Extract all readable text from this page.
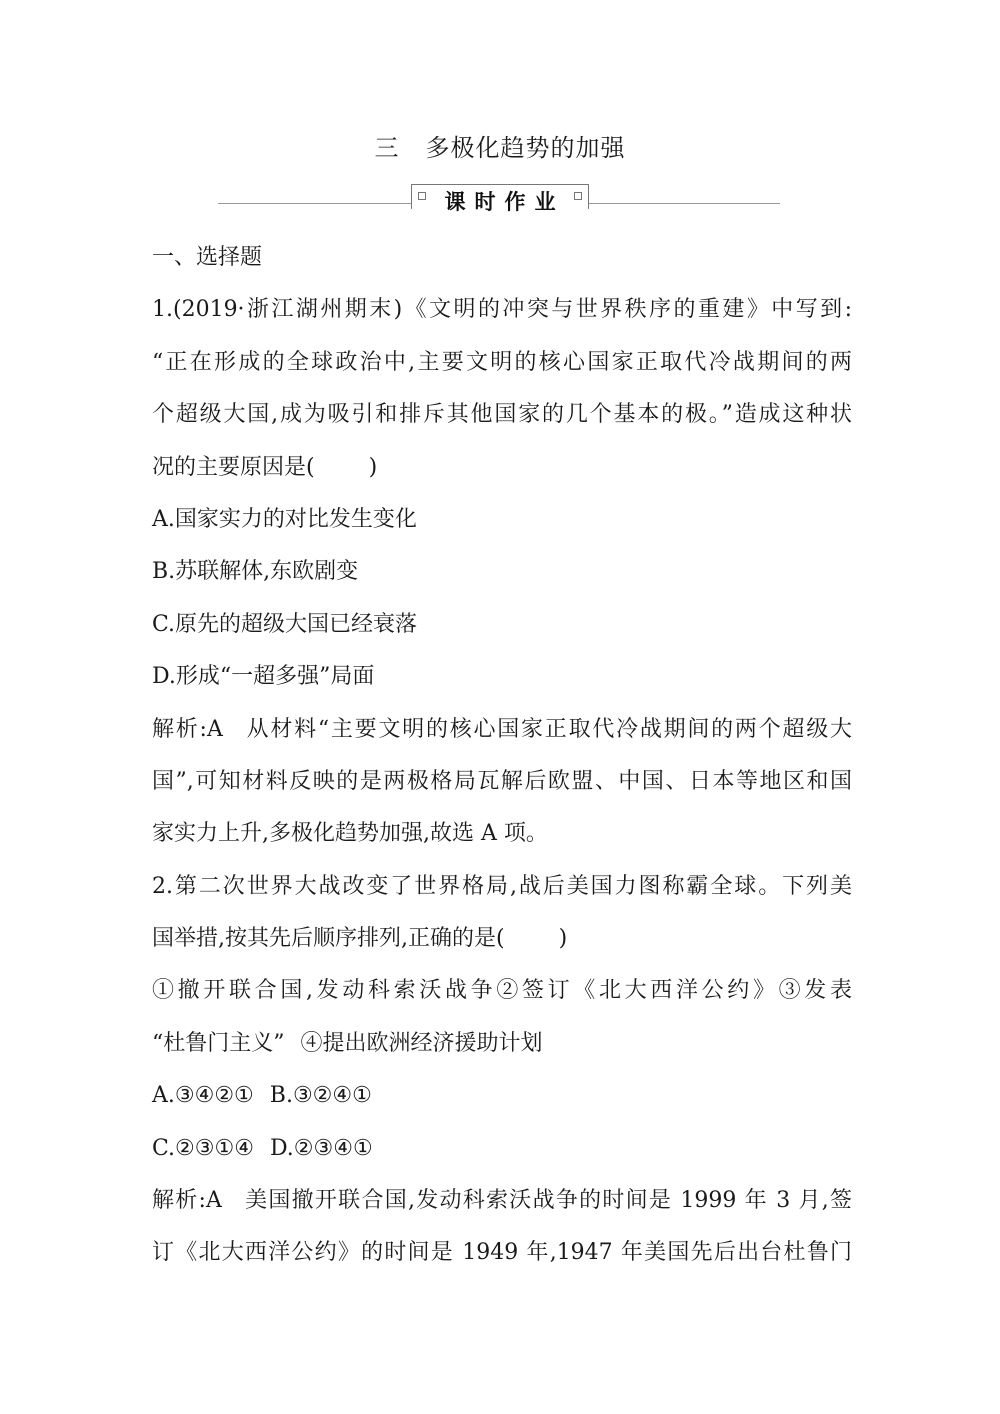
三 多极化趋势的加强
课时作业
一、选择题
1.(2019·浙江湖州期末)《文明的冲突与世界秩序的重建》中写到:
“正在形成的全球政治中,主要文明的核心国家正取代冷战期间的两
个超级大国,成为吸引和排斥其他国家的几个基本的极。”造成这种状
况的主要原因是( )
A.国家实力的对比发生变化
B.苏联解体,东欧剧变
C.原先的超级大国已经衰落
D.形成“一超多强”局面
解析:A 从材料“主要文明的核心国家正取代冷战期间的两个超级大
国”,可知材料反映的是两极格局瓦解后欧盟、中国、日本等地区和国
家实力上升,多极化趋势加强,故选 A 项。
2.第二次世界大战改变了世界格局,战后美国力图称霸全球。下列美
国举措,按其先后顺序排列,正确的是( )
①撤开联合国,发动科索沃战争②签订《北大西洋公约》③发表
“杜鲁门主义” ④提出欧洲经济援助计划
A.③④②① B.③②④①
C.②③①④ D.②③④①
解析:A 美国撤开联合国,发动科索沃战争的时间是 1999 年 3 月,签
订《北大西洋公约》的时间是 1949 年,1947 年美国先后出台杜鲁门
